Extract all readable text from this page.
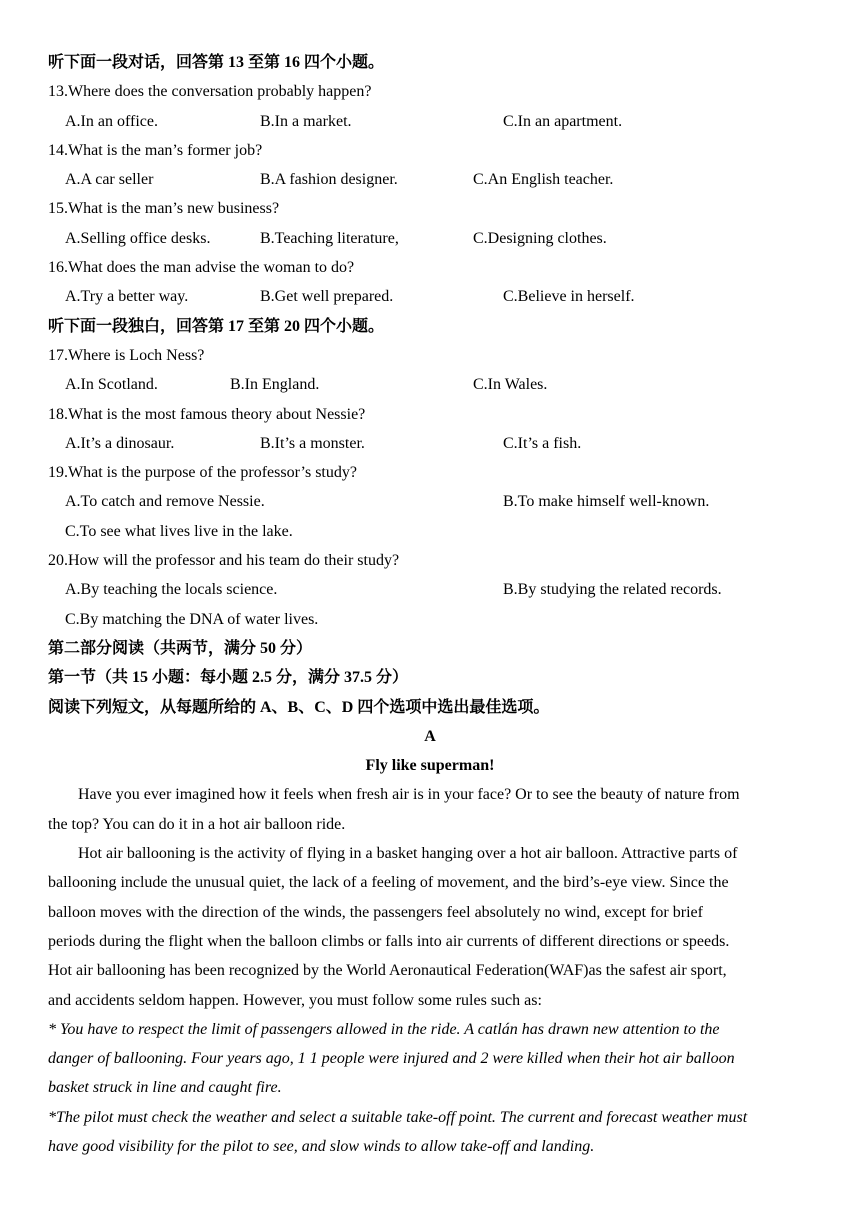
听下面一段对话，回答第 13 至第 16 四个小题。
13.Where does the conversation probably happen?
A.In an office.	B.In a market.	C.In an apartment.
14.What is the man’s former job?
A.A car seller	B.A fashion designer.	C.An English teacher.
15.What is the man’s new business?
A.Selling office desks.	B.Teaching literature,	C.Designing clothes.
16.What does the man advise the woman to do?
A.Try a better way.	B.Get well prepared.	C.Believe in herself.
听下面一段独白，回答第 17 至第 20 四个小题。
17.Where is Loch Ness?
A.In Scotland.	B.In England.	C.In Wales.
18.What is the most famous theory about Nessie?
A.It’s a dinosaur.	B.It’s a monster.	C.It’s a fish.
19.What is the purpose of the professor’s study?
A.To catch and remove Nessie.	B.To make himself well-known.
C.To see what lives live in the lake.
20.How will the professor and his team do their study?
A.By teaching the locals science.	B.By studying the related records.
C.By matching the DNA of water lives.
第二部分阅读（共两节，满分 50 分）
第一节（共 15 小题：每小题 2.5 分，满分 37.5 分）
阅读下列短文，从每题所给的 A、B、C、D 四个选项中选出最佳选项。
A
Fly like superman!
Have you ever imagined how it feels when fresh air is in your face? Or to see the beauty of nature from
the top? You can do it in a hot air balloon ride.
Hot air ballooning is the activity of flying in a basket hanging over a hot air balloon. Attractive parts of
ballooning include the unusual quiet, the lack of a feeling of movement, and the bird’s-eye view. Since the
balloon moves with the direction of the winds, the passengers feel absolutely no wind, except for brief
periods during the flight when the balloon climbs or falls into air currents of different directions or speeds.
Hot air ballooning has been recognized by the World Aeronautical Federation(WAF)as the safest air sport,
and accidents seldom happen. However, you must follow some rules such as:
* You have to respect the limit of passengers allowed in the ride. A catlán has drawn new attention to the
danger of ballooning. Four years ago, 1 1 people were injured and 2 were killed when their hot air balloon
basket struck in line and caught fire.
*The pilot must check the weather and select a suitable take-off point. The current and forecast weather must
have good visibility for the pilot to see, and slow winds to allow take-off and landing.
